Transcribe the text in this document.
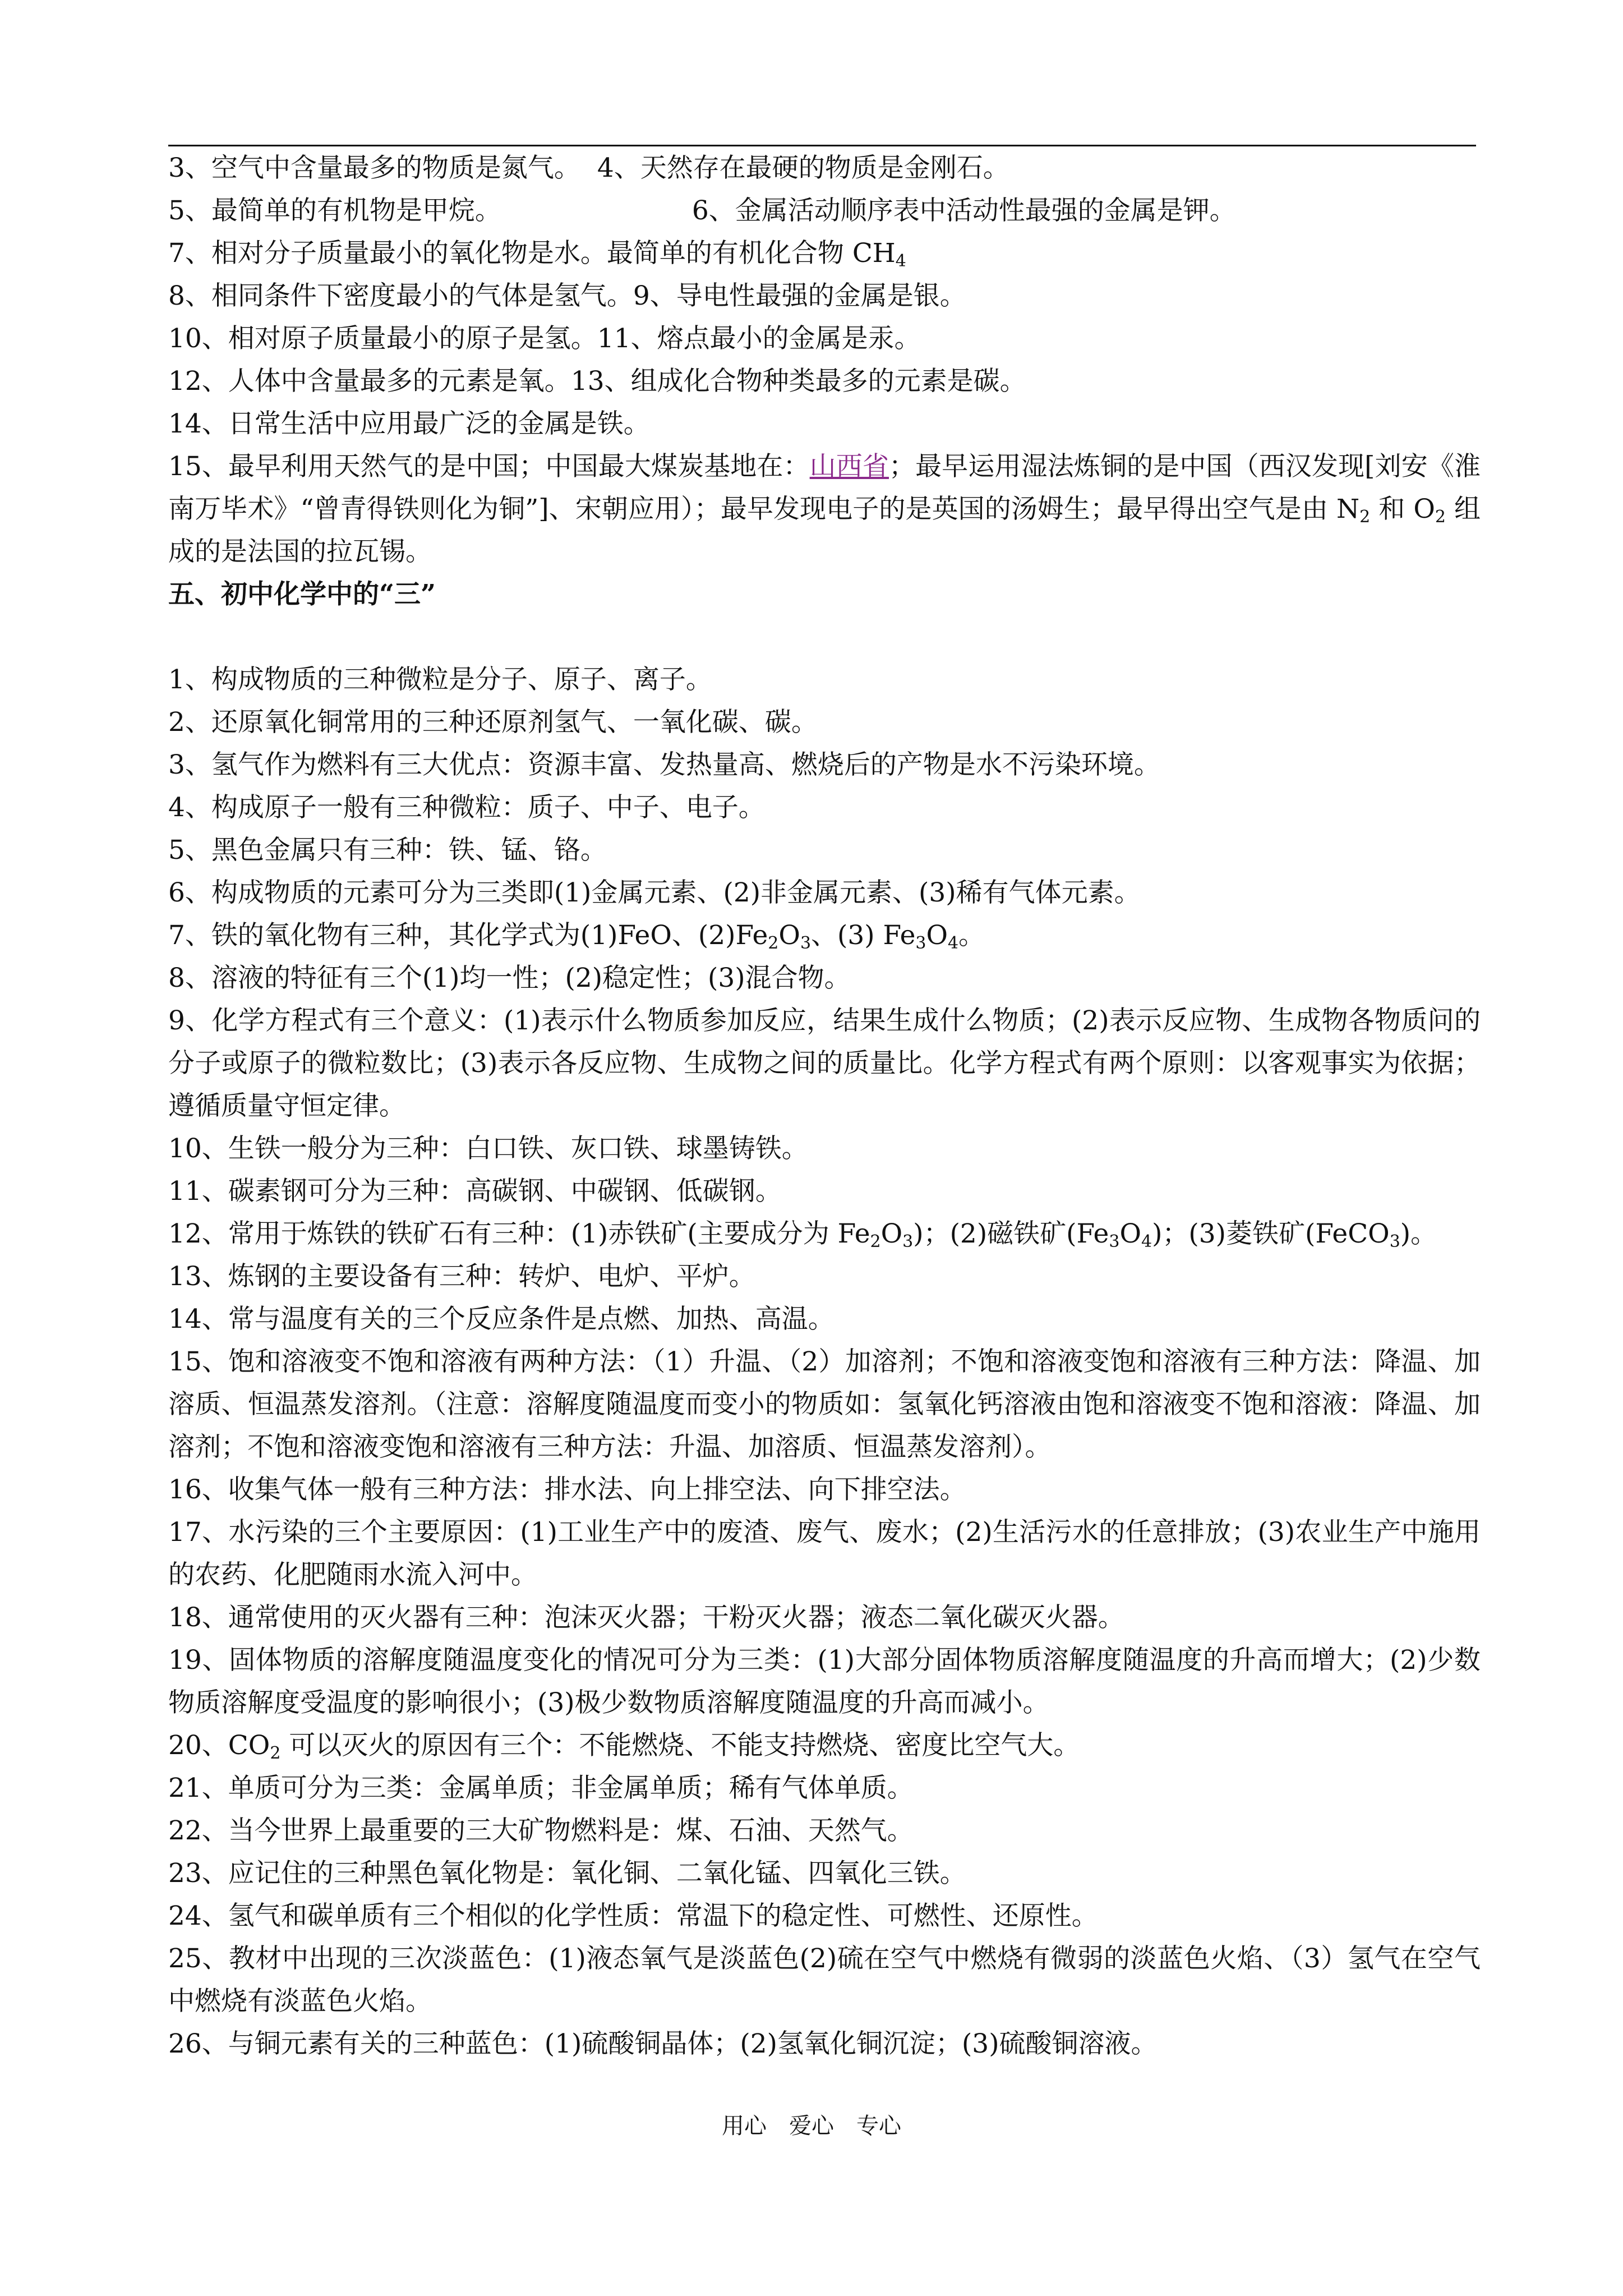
3、空气中含量最多的物质是氮气。 4、天然存在最硬的物质是金刚石。
5、最简单的有机物是甲烷。	6、金属活动顺序表中活动性最强的金属是钾。
7、相对分子质量最小的氧化物是水。最简单的有机化合物 $CH_4$
8、相同条件下密度最小的气体是氢气。9、导电性最强的金属是银。
10、相对原子质量最小的原子是氢。11、熔点最小的金属是汞。
12、人体中含量最多的元素是氧。13、组成化合物种类最多的元素是碳。
14、日常生活中应用最广泛的金属是铁。
15、最早利用天然气的是中国；中国最大煤炭基地在：山西省；最早运用湿法炼铜的是中国（西汉发现[刘安《淮南万毕术》“曾青得铁则化为铜”]、宋朝应用）；最早发现电子的是英国的汤姆生；最早得出空气是由 $N_2$ 和 $O_2$ 组成的是法国的拉瓦锡。
五、初中化学中的“三”
1、构成物质的三种微粒是分子、原子、离子。
2、还原氧化铜常用的三种还原剂氢气、一氧化碳、碳。
3、氢气作为燃料有三大优点：资源丰富、发热量高、燃烧后的产物是水不污染环境。
4、构成原子一般有三种微粒：质子、中子、电子。
5、黑色金属只有三种：铁、锰、铬。
6、构成物质的元素可分为三类即(1)金属元素、(2)非金属元素、(3)稀有气体元素。
7、铁的氧化物有三种，其化学式为(1)FeO、$(2)Fe_2O_3$、(3) $Fe_3O_4$。
8、溶液的特征有三个(1)均一性；(2)稳定性；(3)混合物。
9、化学方程式有三个意义：(1)表示什么物质参加反应，结果生成什么物质；(2)表示反应物、生成物各物质问的分子或原子的微粒数比；(3)表示各反应物、生成物之间的质量比。化学方程式有两个原则：以客观事实为依据；遵循质量守恒定律。
10、生铁一般分为三种：白口铁、灰口铁、球墨铸铁。
11、碳素钢可分为三种：高碳钢、中碳钢、低碳钢。
12、常用于炼铁的铁矿石有三种：(1)赤铁矿(主要成分为 $Fe_2O_3$)；(2)磁铁矿$(Fe_3O_4)$；(3)菱铁矿(FeCO$_3$)。
13、炼钢的主要设备有三种：转炉、电炉、平炉。
14、常与温度有关的三个反应条件是点燃、加热、高温。
15、饱和溶液变不饱和溶液有两种方法：（1）升温、（2）加溶剂；不饱和溶液变饱和溶液有三种方法：降温、加溶质、恒温蒸发溶剂。（注意：溶解度随温度而变小的物质如：氢氧化钙溶液由饱和溶液变不饱和溶液：降温、加溶剂；不饱和溶液变饱和溶液有三种方法：升温、加溶质、恒温蒸发溶剂）。
16、收集气体一般有三种方法：排水法、向上排空法、向下排空法。
17、水污染的三个主要原因：(1)工业生产中的废渣、废气、废水；(2)生活污水的任意排放；(3)农业生产中施用的农药、化肥随雨水流入河中。
18、通常使用的灭火器有三种：泡沫灭火器；干粉灭火器；液态二氧化碳灭火器。
19、固体物质的溶解度随温度变化的情况可分为三类：(1)大部分固体物质溶解度随温度的升高而增大；(2)少数物质溶解度受温度的影响很小；(3)极少数物质溶解度随温度的升高而减小。
20、$CO_2$ 可以灭火的原因有三个：不能燃烧、不能支持燃烧、密度比空气大。
21、单质可分为三类：金属单质；非金属单质；稀有气体单质。
22、当今世界上最重要的三大矿物燃料是：煤、石油、天然气。
23、应记住的三种黑色氧化物是：氧化铜、二氧化锰、四氧化三铁。
24、氢气和碳单质有三个相似的化学性质：常温下的稳定性、可燃性、还原性。
25、教材中出现的三次淡蓝色：(1)液态氧气是淡蓝色(2)硫在空气中燃烧有微弱的淡蓝色火焰、（3）氢气在空气中燃烧有淡蓝色火焰。
26、与铜元素有关的三种蓝色：(1)硫酸铜晶体；(2)氢氧化铜沉淀；(3)硫酸铜溶液。
用心　爱心　专心
